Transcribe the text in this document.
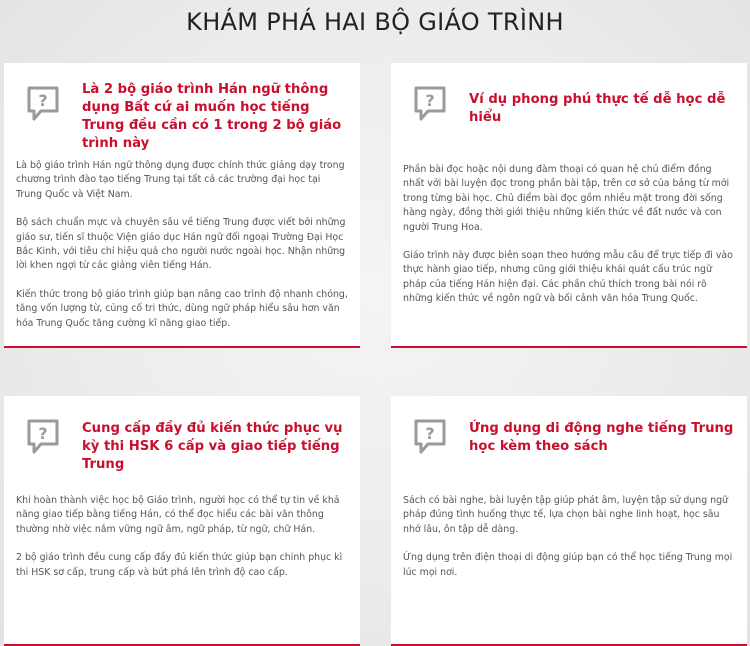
KHÁM PHÁ HAI BỘ GIÁO TRÌNH
?
Là 2 bộ giáo trình Hán ngữ thông dụng Bất cứ ai muốn học tiếng Trung đều cần có 1 trong 2 bộ giáo trình này

Là bộ giáo trình Hán ngữ thông dụng được chính thức giảng dạy trong chương trình đào tạo tiếng Trung tại tất cả các trường đại học tại Trung Quốc và Việt Nam.

Bộ sách chuẩn mực và chuyên sâu về tiếng Trung được viết bởi những giáo sư, tiến sĩ thuộc Viện giáo dục Hán ngữ đối ngoại Trường Đại Học Bắc Kinh, với tiêu chí hiệu quả cho người nước ngoài học. Nhận những lời khen ngợi từ các giảng viên tiếng Hán.

Kiến thức trong bộ giáo trình giúp bạn nâng cao trình độ nhanh chóng, tăng vốn lượng từ, củng cố tri thức, dùng ngữ pháp hiểu sâu hơn văn hóa Trung Quốc tăng cường kĩ năng giao tiếp.

?	Ví dụ phong phú thực tế dễ học dễ hiểu

Phần bài đọc hoặc nội dung đàm thoại có quan hệ chủ điểm đồng nhất với bài luyện đọc trong phần bài tập, trên cơ sở của bảng từ mới trong từng bài học. Chủ điểm bài đọc gồm nhiều mặt trong đời sống hàng ngày, đồng thời giới thiệu những kiến thức về đất nước và con người Trung Hoa.

Giáo trình này được biên soạn theo hướng mẫu câu để trực tiếp đi vào thực hành giao tiếp, nhưng cũng giới thiệu khái quát cấu trúc ngữ pháp của tiếng Hán hiện đại. Các phần chú thích trong bài nói rõ những kiến thức về ngôn ngữ và bối cảnh văn hóa Trung Quốc.

?	Cung cấp đầy đủ kiến thức phục vụ kỳ thi HSK 6 cấp và giao tiếp tiếng Trung

Khi hoàn thành việc học bộ Giáo trình, người học có thể tự tin về khả năng giao tiếp bằng tiếng Hán, có thể đọc hiểu các bài văn thông thường nhờ việc nắm vững ngữ âm, ngữ pháp, từ ngữ, chữ Hán.

2 bộ giáo trình đều cung cấp đầy đủ kiến thức giúp bạn chinh phục kì thi HSK sơ cấp, trung cấp và bứt phá lên trình độ cao cấp.

?	Ứng dụng di động nghe tiếng Trung học kèm theo sách

Sách có bài nghe, bài luyện tập giúp phát âm, luyện tập sử dụng ngữ pháp đúng tình huống thực tế, lựa chọn bài nghe linh hoạt, học sâu nhớ lâu, ôn tập dễ dàng.

Ứng dụng trên điện thoại di động giúp bạn có thể học tiếng Trung mọi lúc mọi nơi.
